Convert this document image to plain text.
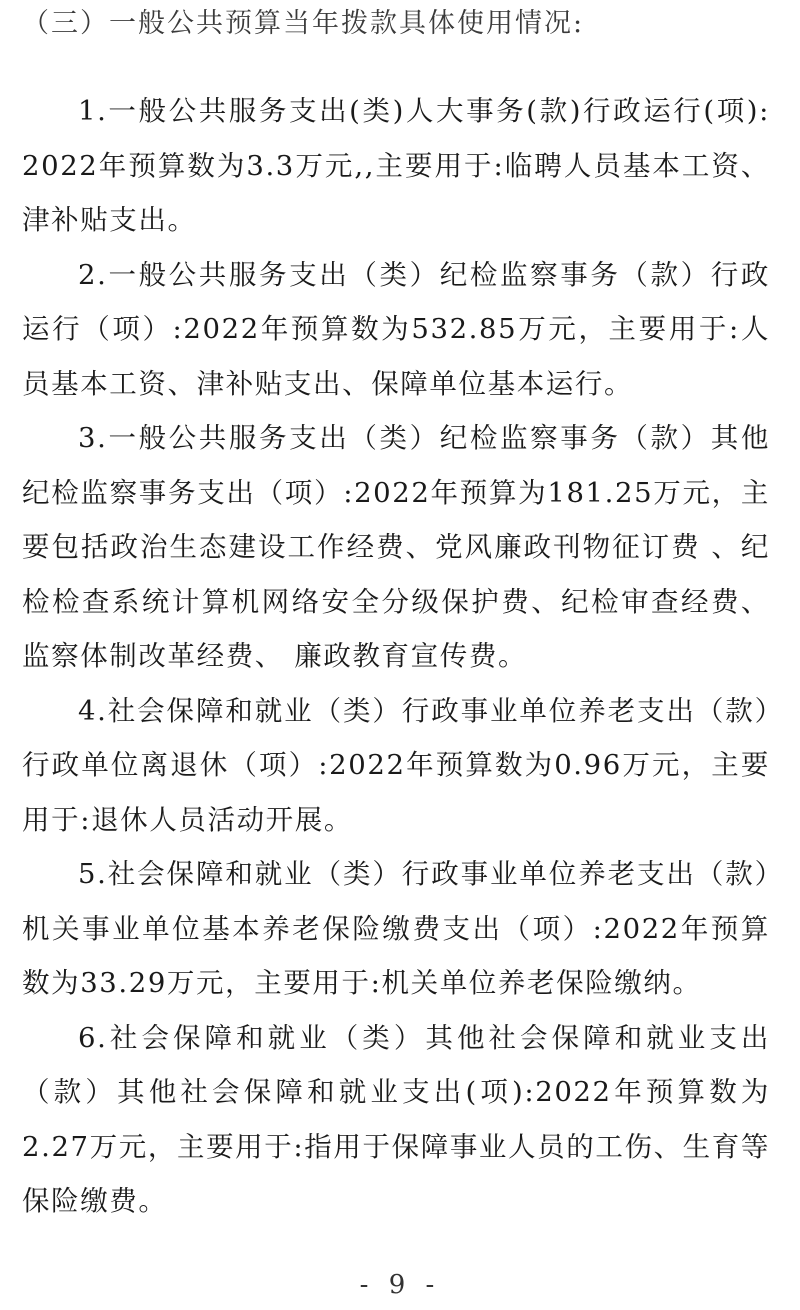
（三）一般公共预算当年拨款具体使用情况:

1.一般公共服务支出(类)人大事务(款)行政运行(项): 2022年预算数为3.3万元,,主要用于:临聘人员基本工资、津补贴支出。

2.一般公共服务支出（类）纪检监察事务（款）行政运行（项）:2022年预算数为532.85万元，主要用于:人员基本工资、津补贴支出、保障单位基本运行。

3.一般公共服务支出（类）纪检监察事务（款）其他纪检监察事务支出（项）:2022年预算为181.25万元，主要包括政治生态建设工作经费、党风廉政刊物征订费 、纪检检查系统计算机网络安全分级保护费、纪检审查经费、监察体制改革经费、 廉政教育宣传费。

4.社会保障和就业（类）行政事业单位养老支出（款）行政单位离退休（项）:2022年预算数为0.96万元，主要用于:退休人员活动开展。

5.社会保障和就业（类）行政事业单位养老支出（款）机关事业单位基本养老保险缴费支出（项）:2022年预算数为33.29万元，主要用于:机关单位养老保险缴纳。

6.社会保障和就业（类）其他社会保障和就业支出（款）其他社会保障和就业支出(项):2022年预算数为2.27万元，主要用于:指用于保障事业人员的工伤、生育等保险缴费。

- 9 -
